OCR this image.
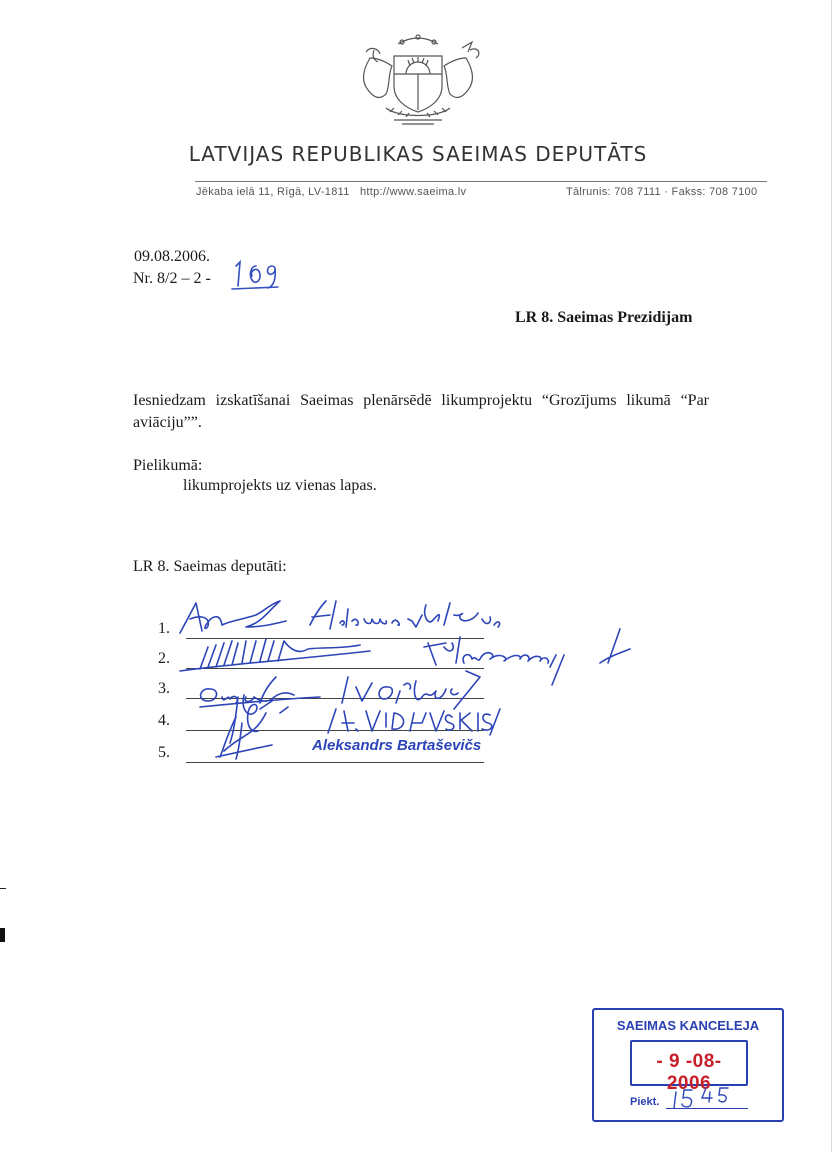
LATVIJAS REPUBLIKAS SAEIMAS DEPUTĀTS
Jēkaba ielā 11, Rīgā, LV-1811 http://www.saeima.lv	Tālrunis: 708 7111 · Fakss: 708 7100
09.08.2006.
Nr. 8/2 – 2 -
LR 8. Saeimas Prezidijam
Iesniedzam izskatīšanai Saeimas plenārsēdē likumprojektu “Grozījums likumā “Par aviāciju””.
Pielikumā:
likumprojekts uz vienas lapas.
LR 8. Saeimas deputāti:
1.
2.
3.
4.
5.	Aleksandrs Bartaševičs
SAEIMAS KANCELEJA
- 9 -08- 2006
Piekt.
